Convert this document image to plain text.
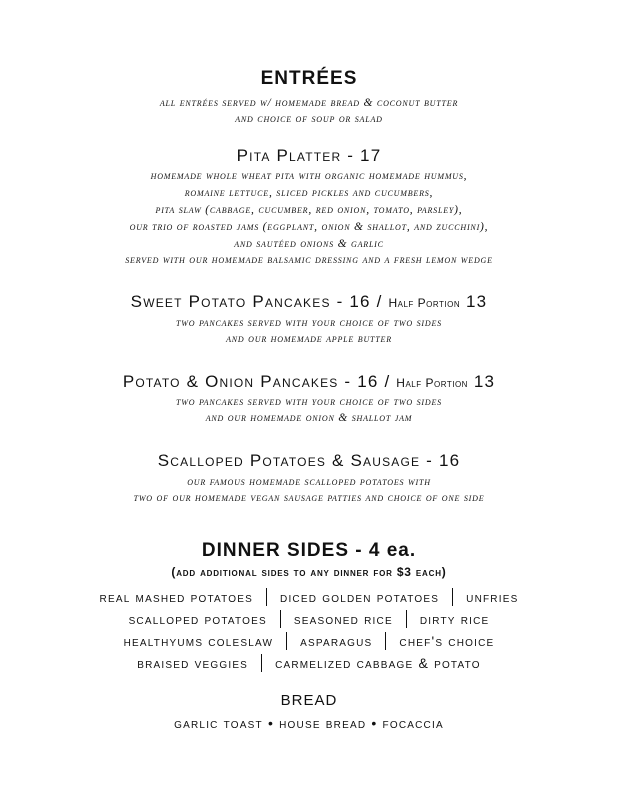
ENTRÉES
all entrées served w/ homemade bread & coconut butter
and choice of soup or salad
Pita Platter - 17
homemade whole wheat pita with organic homemade hummus,
romaine lettuce, sliced pickles and cucumbers,
pita slaw (cabbage, cucumber, red onion, tomato, parsley),
our trio of roasted jams (eggplant, onion & shallot, and zucchini),
and sautéed onions & garlic
served with our homemade balsamic dressing and a fresh lemon wedge
Sweet Potato Pancakes - 16 / Half Portion 13
two pancakes served with your choice of two sides
and our homemade apple butter
Potato & Onion Pancakes - 16 / Half Portion 13
two pancakes served with your choice of two sides
and our homemade onion & shallot jam
Scalloped Potatoes & Sausage - 16
our famous homemade scalloped potatoes with
two of our homemade vegan sausage patties and choice of one side
DINNER SIDES - 4 ea.
(add additional sides to any dinner for $3 each)
real mashed potatoes diced golden potatoes unfries
scalloped potatoes seasoned rice dirty rice
healthyums coleslaw asparagus chef's choice
braised veggies carmelized cabbage & potato
BREAD
garlic toast • house bread • focaccia
